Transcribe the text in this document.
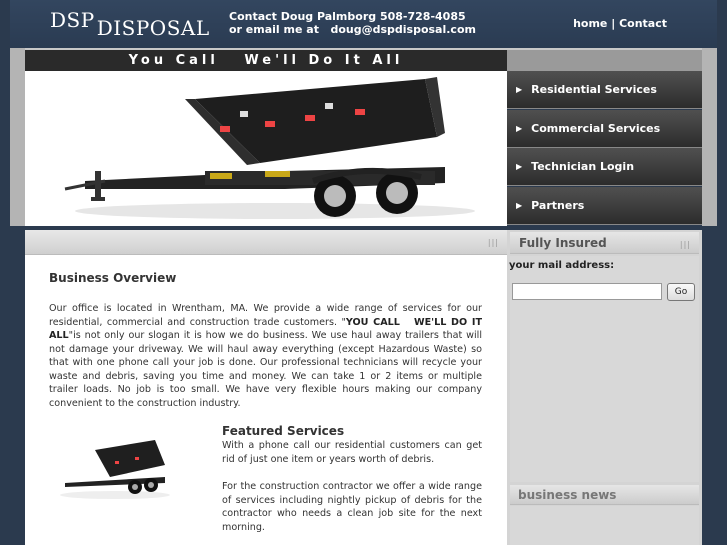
DSP DISPOSAL Contact Doug Palmborg 508-728-4085
or email me at   doug@dspdisposal.com	home | Contact
You Call   We'll Do It All
▶ Residential Services
▶ Commercial Services
▶ Technician Login
▶ Partners
|||
Business Overview
Our office is located in Wrentham, MA. We provide a wide range of services for our residential, commercial and construction trade customers. "YOU CALL   WE'LL DO IT ALL"is not only our slogan it is how we do business. We use haul away trailers that will not damage your driveway. We will haul away everything (except Hazardous Waste) so that with one phone call your job is done. Our professional technicians will recycle your waste and debris, saving you time and money. We can take 1 or 2 items or multiple trailer loads. No job is too small. We have very flexible hours making our company convenient to the construction industry.
Featured Services
With a phone call our residential customers can get rid of just one item or years worth of debris.
For the construction contractor we offer a wide range of services including nightly pickup of debris for the contractor who needs a clean job site for the next morning.
Fully Insured	|||
your mail address:
Go
business news
